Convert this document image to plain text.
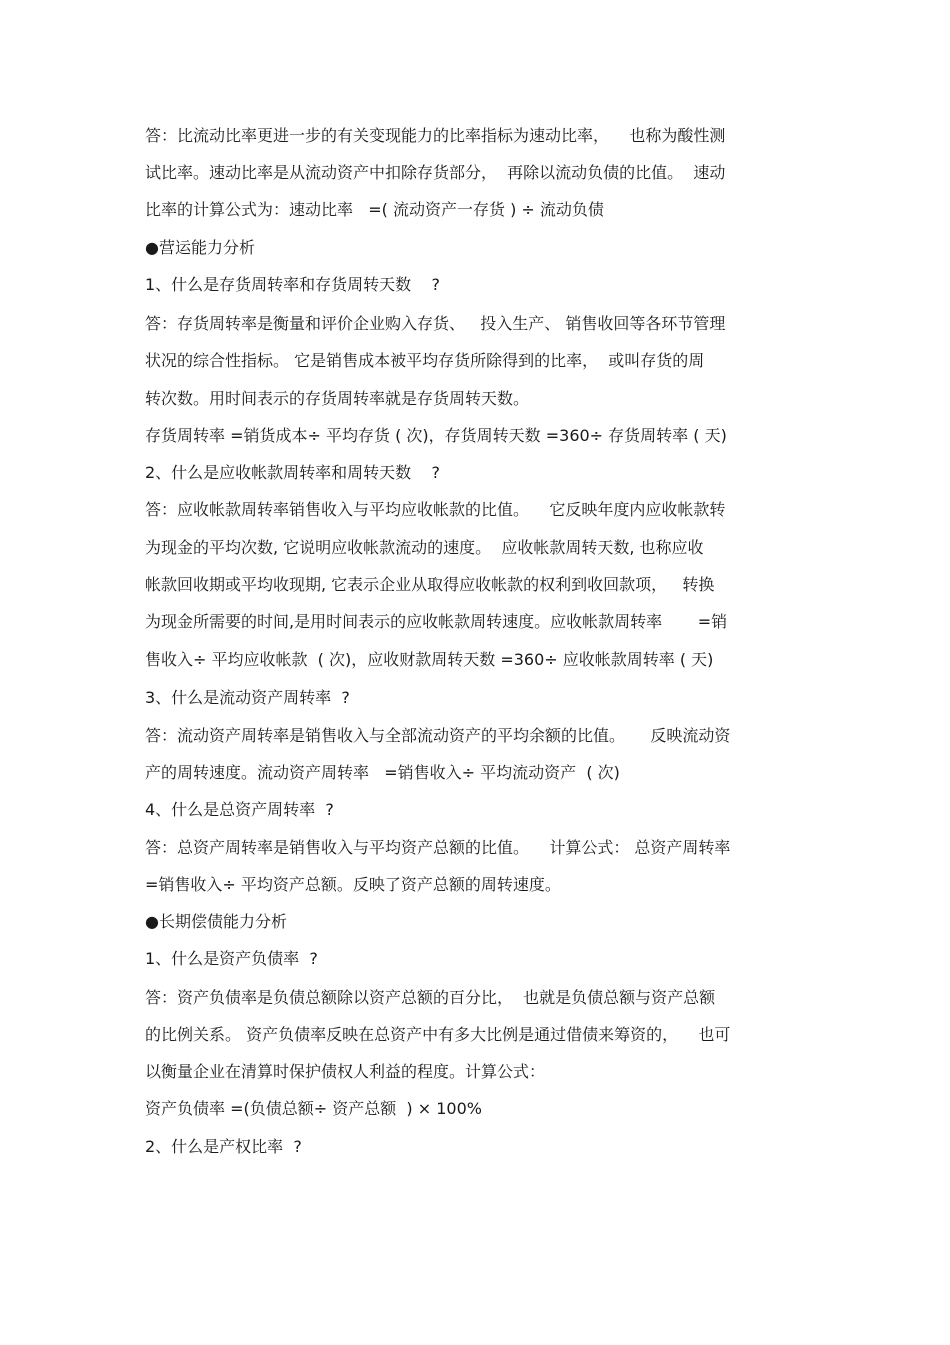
答：比流动比率更进一步的有关变现能力的比率指标为速动比率，    也称为酸性测
试比率。速动比率是从流动资产中扣除存货部分，  再除以流动负债的比值。  速动
比率的计算公式为：速动比率   =( 流动资产一存货 ) ÷ 流动负债
●营运能力分析
1、什么是存货周转率和存货周转天数    ?
答：存货周转率是衡量和评价企业购入存货、   投入生产、 销售收回等各环节管理
状况的综合性指标。 它是销售成本被平均存货所除得到的比率，  或叫存货的周
转次数。用时间表示的存货周转率就是存货周转天数。
存货周转率 =销货成本÷ 平均存货 ( 次)，存货周转天数 =360÷ 存货周转率 ( 天)
2、什么是应收帐款周转率和周转天数    ?
答：应收帐款周转率销售收入与平均应收帐款的比值。    它反映年度内应收帐款转
为现金的平均次数, 它说明应收帐款流动的速度。  应收帐款周转天数, 也称应收
帐款回收期或平均收现期, 它表示企业从取得应收帐款的权利到收回款项，   转换
为现金所需要的时间,是用时间表示的应收帐款周转速度。应收帐款周转率       =销
售收入÷ 平均应收帐款  ( 次)，应收财款周转天数 =360÷ 应收帐款周转率 ( 天)
3、什么是流动资产周转率  ?
答：流动资产周转率是销售收入与全部流动资产的平均余额的比值。     反映流动资
产的周转速度。流动资产周转率   =销售收入÷ 平均流动资产  ( 次)
4、什么是总资产周转率  ?
答：总资产周转率是销售收入与平均资产总额的比值。    计算公式： 总资产周转率
=销售收入÷ 平均资产总额。反映了资产总额的周转速度。
●长期偿债能力分析
1、什么是资产负债率  ?
答：资产负债率是负债总额除以资产总额的百分比，  也就是负债总额与资产总额
的比例关系。 资产负债率反映在总资产中有多大比例是通过借债来筹资的，    也可
以衡量企业在清算时保护债权人利益的程度。计算公式：
资产负债率 =(负债总额÷ 资产总额  ) × 100%
2、什么是产权比率  ?
